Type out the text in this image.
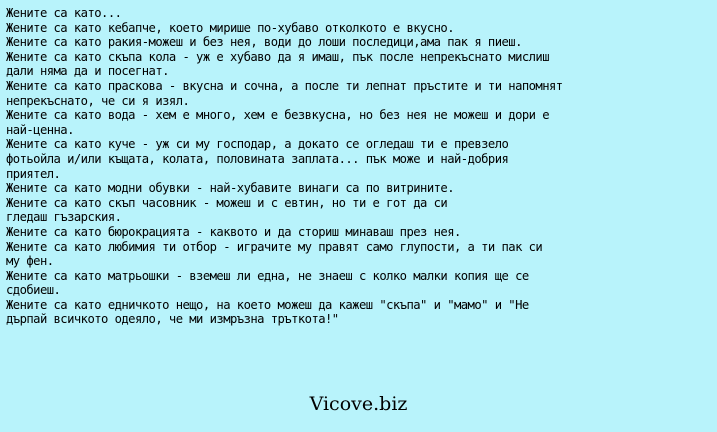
Жените са като...
Жените са като кебапче, което мирише по-хубаво отколкото е вкусно.
Жените са като ракия-можеш и без нея, води до лоши последици,ама пак я пиеш.
Жените са като скъпа кола - уж е хубаво да я имаш, пък после непрекъснато мислиш
дали няма да и посегнат.
Жените са като праскова - вкусна и сочна, а после ти лепнат пръстите и ти напомнят
непрекъснато, че си я изял.
Жените са като вода - хем е много, хем е безвкусна, но без нея не можеш и дори е
най-ценна.
Жените са като куче - уж си му господар, а докато се огледаш ти е превзело
фотьойла и/или къщата, колата, половината заплата... пък може и най-добрия
приятел.
Жените са като модни обувки - най-хубавите винаги са по витрините.
Жените са като скъп часовник - можеш и с евтин, но ти е гот да си
гледаш гъзарския.
Жените са като бюрокрацията - каквото и да сториш минаваш през нея.
Жените са като любимия ти отбор - играчите му правят само глупости, а ти пак си
му фен.
Жените са като матрьошки - вземеш ли една, не знаеш с колко малки копия ще се
сдобиеш.
Жените са като едничкото нещо, на което можеш да кажеш "скъпа" и "мамо" и "Не
дърпай всичкото одеяло, че ми измръзна тръткота!"
Vicove.biz
